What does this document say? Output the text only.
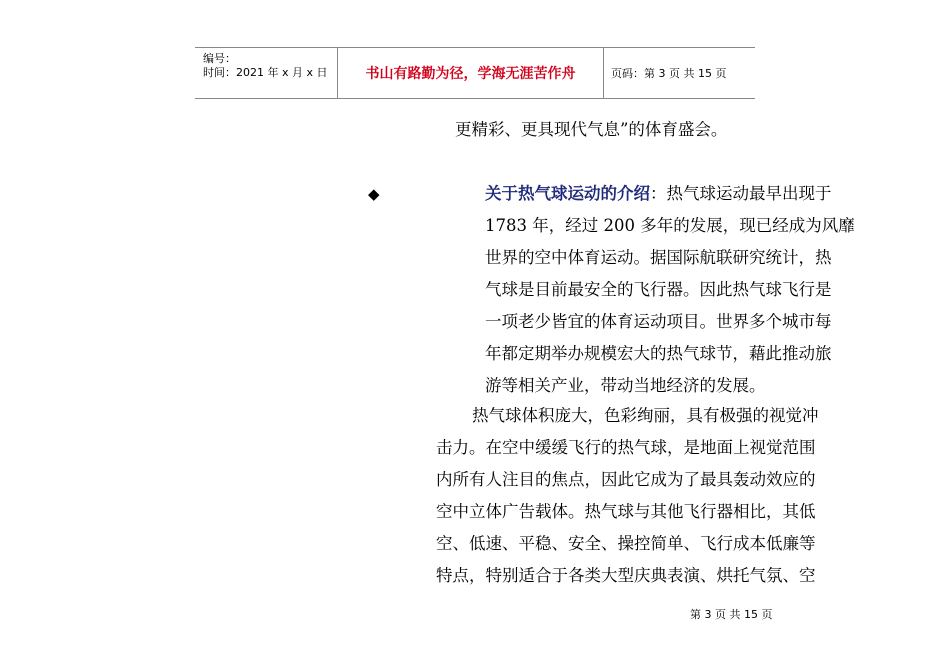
编号：
时间：2021 年 x 月 x 日	书山有路勤为径，学海无涯苦作舟	页码：第 3 页 共 15 页
更精彩、更具现代气息”的体育盛会。
◆	关于热气球运动的介绍：热气球运动最早出现于
1783 年，经过 200 多年的发展，现已经成为风靡
世界的空中体育运动。据国际航联研究统计，热
气球是目前最安全的飞行器。因此热气球飞行是
一项老少皆宜的体育运动项目。世界多个城市每
年都定期举办规模宏大的热气球节，藉此推动旅
游等相关产业，带动当地经济的发展。
热气球体积庞大，色彩绚丽，具有极强的视觉冲
击力。在空中缓缓飞行的热气球，是地面上视觉范围
内所有人注目的焦点，因此它成为了最具轰动效应的
空中立体广告载体。热气球与其他飞行器相比，其低
空、低速、平稳、安全、操控简单、飞行成本低廉等
特点，特别适合于各类大型庆典表演、烘托气氛、空
第 3 页 共 15 页
